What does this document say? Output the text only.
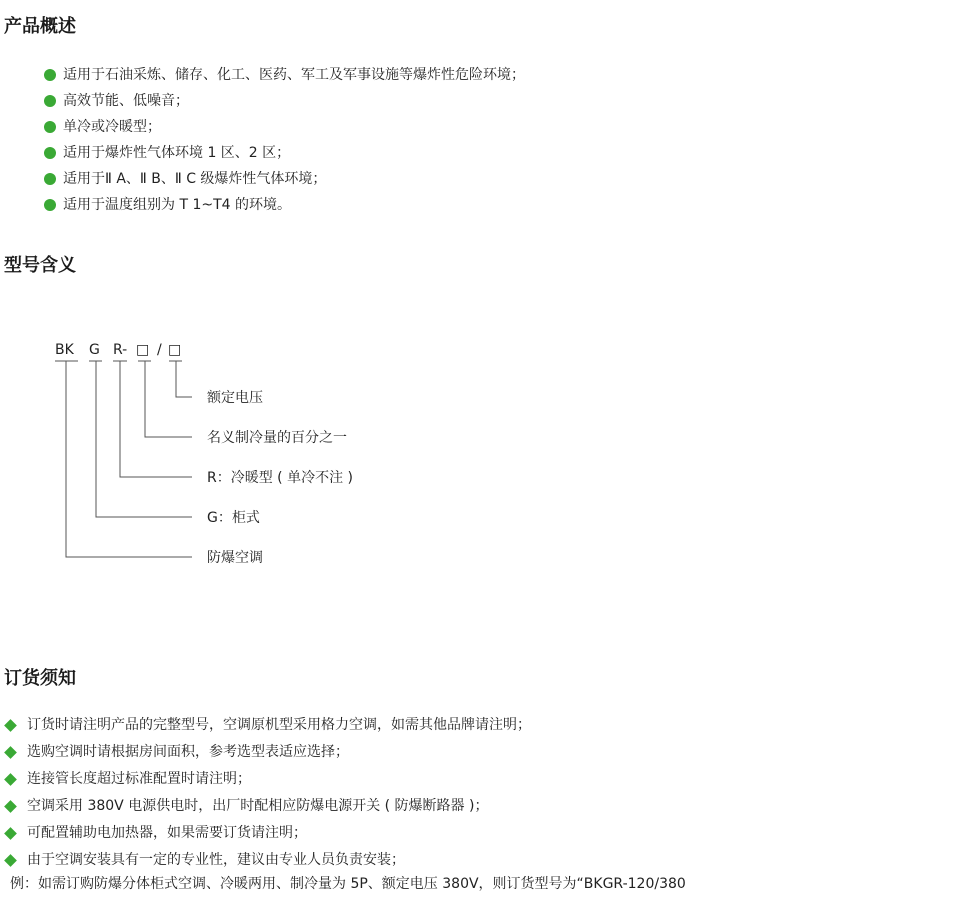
产品概述
适用于石油采炼、储存、化工、医药、军工及军事设施等爆炸性危险环境；
高效节能、低噪音；
单冷或冷暖型；
适用于爆炸性气体环境 1 区、2 区；
适用于Ⅱ A、Ⅱ B、Ⅱ C 级爆炸性气体环境；
适用于温度组别为 T 1~T4 的环境。
型号含义
BK G R- □ / □
额定电压
名义制冷量的百分之一
R：冷暖型 ( 单冷不注 )
G：柜式
防爆空调
订货须知
订货时请注明产品的完整型号，空调原机型采用格力空调，如需其他品牌请注明；
选购空调时请根据房间面积，参考选型表适应选择；
连接管长度超过标准配置时请注明；
空调采用 380V 电源供电时，出厂时配相应防爆电源开关 ( 防爆断路器 )；
可配置辅助电加热器，如果需要订货请注明；
由于空调安装具有一定的专业性，建议由专业人员负责安装；

例：如需订购防爆分体柜式空调、冷暖两用、制冷量为 5P、额定电压 380V，则订货型号为“BKGR-120/380
